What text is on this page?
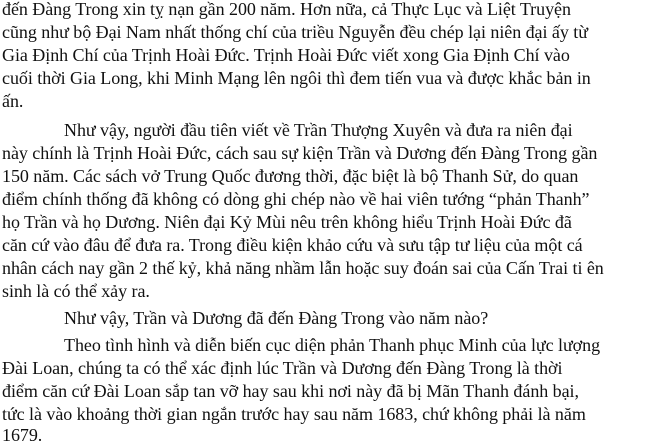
đến Đàng Trong xin tỵ nạn gần 200 năm. Hơn nữa, cả Thực Lục và Liệt Truyện
cũng như bộ Đại Nam nhất thống chí của triều Nguyễn đều chép lại niên đại ấy từ
Gia Định Chí của Trịnh Hoài Đức. Trịnh Hoài Đức viết xong Gia Định Chí vào
cuối thời Gia Long, khi Minh Mạng lên ngôi thì đem tiến vua và được khắc bản in
ấn.
Như vậy, người đầu tiên viết về Trần Thượng Xuyên và đưa ra niên đại
này chính là Trịnh Hoài Đức, cách sau sự kiện Trần và Dương đến Đàng Trong gần
150 năm. Các sách vở Trung Quốc đương thời, đặc biệt là bộ Thanh Sử, do quan
điểm chính thống đã không có dòng ghi chép nào về hai viên tướng “phản Thanh”
họ Trần và họ Dương. Niên đại Kỷ Mùi nêu trên không hiểu Trịnh Hoài Đức đã
căn cứ vào đâu để đưa ra. Trong điều kiện khảo cứu và sưu tập tư liệu của một cá
nhân cách nay gần 2 thế kỷ, khả năng nhầm lẫn hoặc suy đoán sai của Cấn Trai ti ên
sinh là có thể xảy ra.
Như vậy, Trần và Dương đã đến Đàng Trong vào năm nào?
Theo tình hình và diễn biến cục diện phản Thanh phục Minh của lực lượng
Đài Loan, chúng ta có thể xác định lúc Trần và Dương đến Đàng Trong là thời
điểm căn cứ Đài Loan sắp tan vỡ hay sau khi nơi này đã bị Mãn Thanh đánh bại,
tức là vào khoảng thời gian ngắn trước hay sau năm 1683, chứ không phải là năm
1679.
